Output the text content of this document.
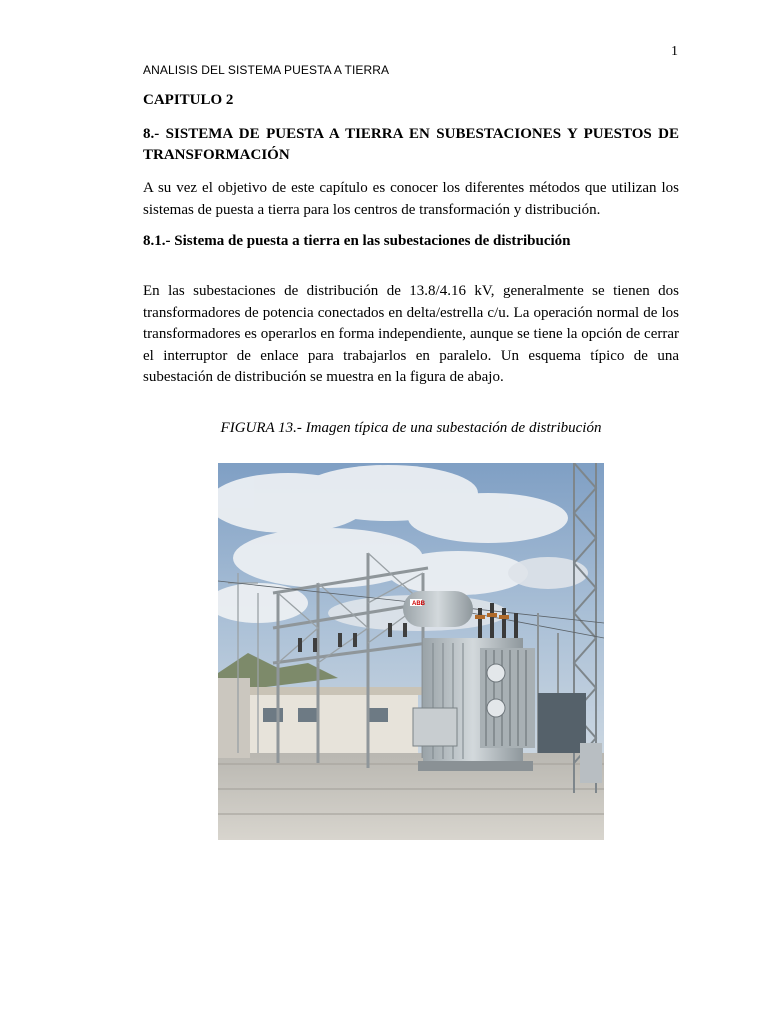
1
ANALISIS DEL SISTEMA PUESTA A TIERRA
CAPITULO 2
8.- SISTEMA DE PUESTA A TIERRA EN SUBESTACIONES Y PUESTOS DE TRANSFORMACIÓN
A su vez el objetivo de este capítulo es conocer los diferentes métodos que utilizan los sistemas de puesta a tierra para los centros de transformación y distribución.
8.1.- Sistema de puesta a tierra en las subestaciones de distribución
En las subestaciones de distribución de 13.8/4.16 kV, generalmente se tienen dos transformadores de potencia conectados en delta/estrella c/u. La operación normal de los transformadores es operarlos en forma independiente, aunque se tiene la opción de cerrar el interruptor de enlace para trabajarlos en paralelo. Un esquema típico de una subestación de distribución se muestra en la figura de abajo.
FIGURA 13.- Imagen típica de una subestación de distribución
ABB
